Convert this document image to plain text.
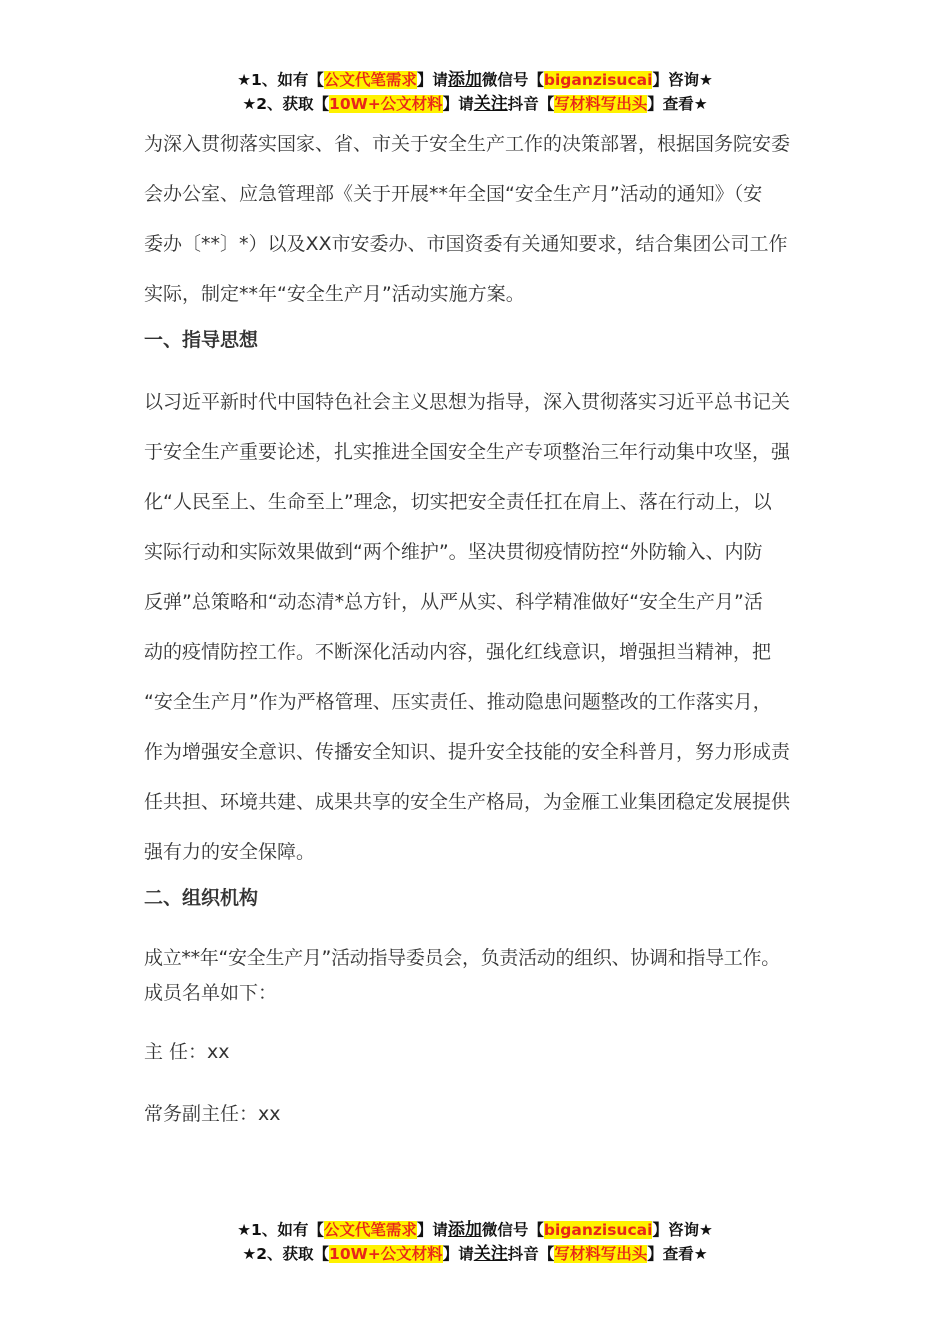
★1、如有【公文代笔需求】请添加微信号【biganzisucai】咨询★
★2、获取【10W+公文材料】请关注抖音【写材料写出头】查看★

为深入贯彻落实国家、省、市关于安全生产工作的决策部署，根据国务院安委

会办公室、应急管理部《关于开展**年全国“安全生产月”活动的通知》（安

委办〔**〕*）以及XX市安委办、市国资委有关通知要求，结合集团公司工作

实际，制定**年“安全生产月”活动实施方案。

一、指导思想

以习近平新时代中国特色社会主义思想为指导，深入贯彻落实习近平总书记关

于安全生产重要论述，扎实推进全国安全生产专项整治三年行动集中攻坚，强

化“人民至上、生命至上”理念，切实把安全责任扛在肩上、落在行动上，以

实际行动和实际效果做到“两个维护”。坚决贯彻疫情防控“外防输入、内防

反弹”总策略和“动态清*总方针，从严从实、科学精准做好“安全生产月”活

动的疫情防控工作。不断深化活动内容，强化红线意识，增强担当精神，把

“安全生产月”作为严格管理、压实责任、推动隐患问题整改的工作落实月，

作为增强安全意识、传播安全知识、提升安全技能的安全科普月，努力形成责

任共担、环境共建、成果共享的安全生产格局，为金雁工业集团稳定发展提供

强有力的安全保障。

二、组织机构

成立**年“安全生产月”活动指导委员会，负责活动的组织、协调和指导工作。

成员名单如下：

主 任：xx

常务副主任：xx

★1、如有【公文代笔需求】请添加微信号【biganzisucai】咨询★
★2、获取【10W+公文材料】请关注抖音【写材料写出头】查看★
